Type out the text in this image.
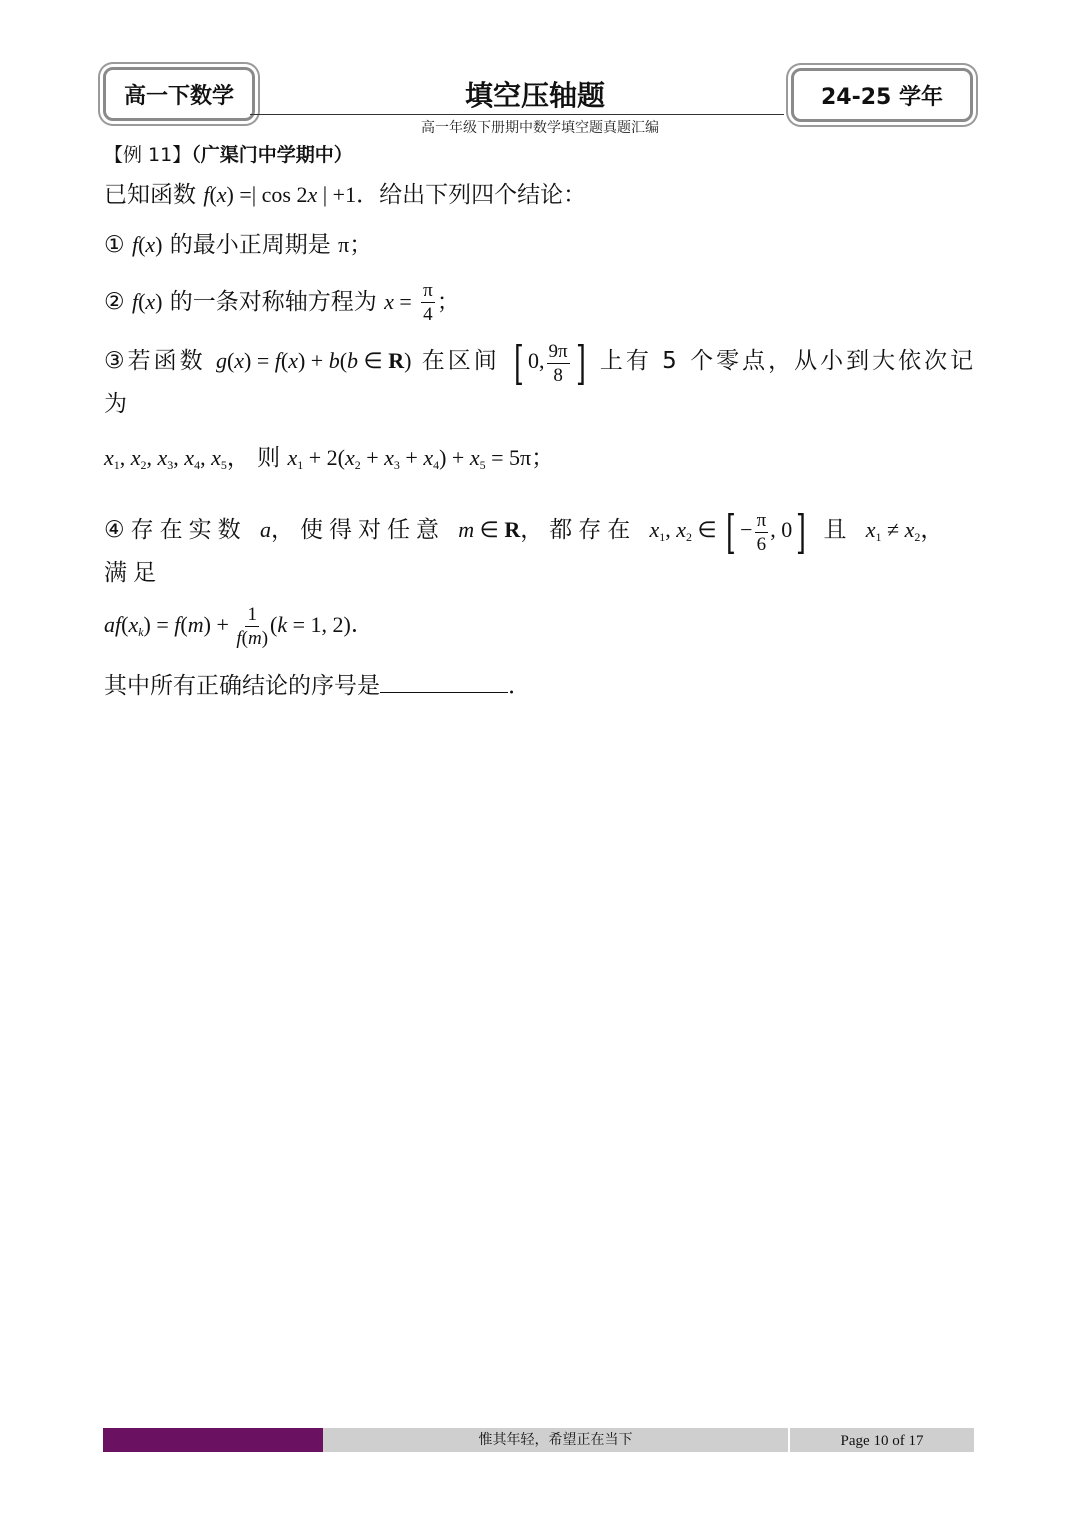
高一下数学	填空压轴题	24-25 学年
高一年级下册期中数学填空题真题汇编
【例 11】（广渠门中学期中）

已知函数 f(x) =| cos 2x | +1．给出下列四个结论：

① f(x) 的最小正周期是 π；

② f(x) 的一条对称轴方程为 $x = \frac{\pi}{4}$ ；

③若函数 g(x) = f(x) + b(b ∈ R) 在区间 [ 0, $\frac{9\pi}{8}$ ] 上有 5 个零点，从小到大依次记为

$x_1$, $x_2$, $x_3$, $x_4$, $x_5$， 则 $x_1 + 2(x_2 + x_3 + x_4) + x_5 = 5\pi$；

④存在实数 a，使得对任意 m ∈ R，都存在 $x_1$, $x_2$ ∈ [ − $\frac{\pi}{6}$ , 0] 且 $x_1 \ne x_2$，满足

$af(x_k) = f(m) + \frac{1}{f(m)} (k = 1$, 2)．

其中所有正确结论的序号是	．

惟其年轻，希望正在当下	Page 10 of 17
